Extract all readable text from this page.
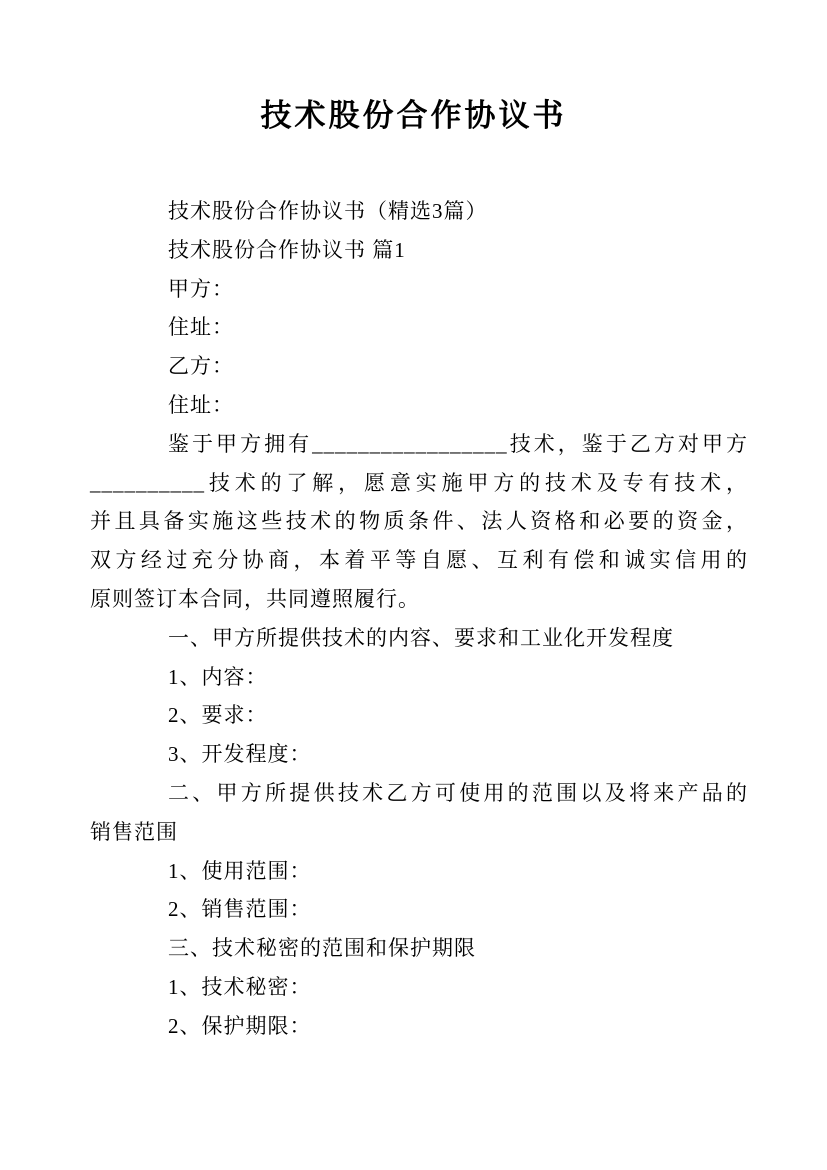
技术股份合作协议书
技术股份合作协议书（精选3篇）
技术股份合作协议书 篇1
甲方：
住址：
乙方：
住址：
鉴于甲方拥有_________________技术，鉴于乙方对甲方
__________技术的了解，愿意实施甲方的技术及专有技术，
并且具备实施这些技术的物质条件、法人资格和必要的资金，
双方经过充分协商，本着平等自愿、互利有偿和诚实信用的
原则签订本合同，共同遵照履行。
一、甲方所提供技术的内容、要求和工业化开发程度
1、内容：
2、要求：
3、开发程度：
二、甲方所提供技术乙方可使用的范围以及将来产品的
销售范围
1、使用范围：
2、销售范围：
三、技术秘密的范围和保护期限
1、技术秘密：
2、保护期限：
